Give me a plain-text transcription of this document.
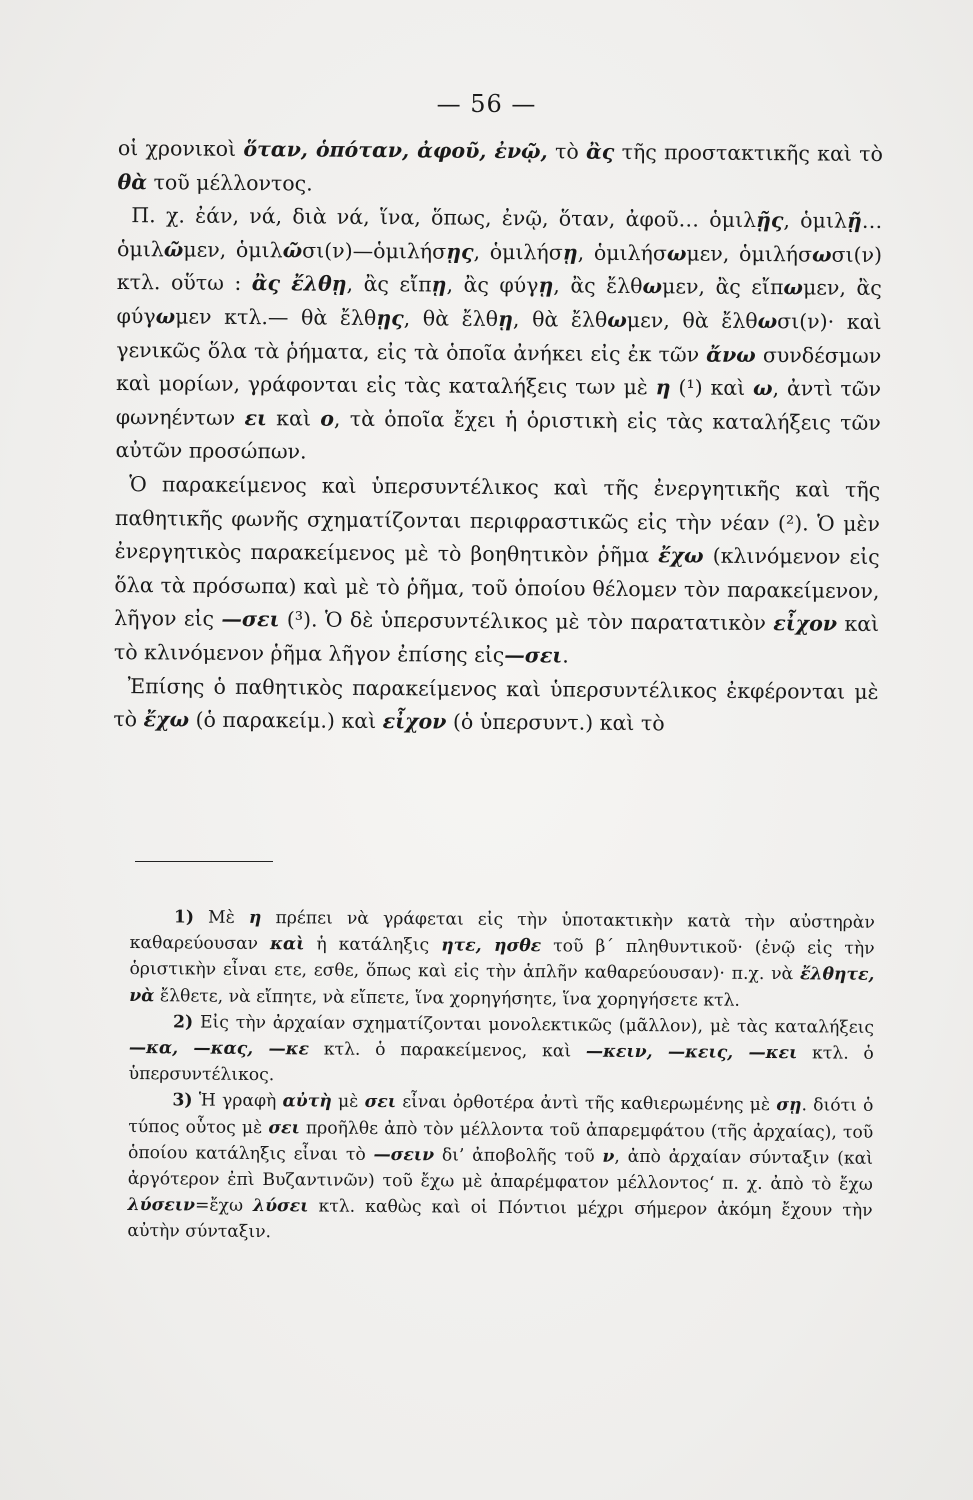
— 56 —

οἱ χρονικοὶ ὅταν, ὁπόταν, ἀφοῦ, ἐνῷ, τὸ ἂς τῆς προστακτικῆς καὶ τὸ θὰ τοῦ μέλλοντος.

Π. χ. ἐάν, νά, διὰ νά, ἵνα, ὅπως, ἐνῷ, ὅταν, ἀφοῦ… ὁμιλῇς, ὁμιλῇ… ὁμιλῶμεν, ὁμιλῶσι(ν)—ὁμιλήσῃς, ὁμιλήσῃ, ὁμιλήσωμεν, ὁμιλήσωσι(ν) κτλ. οὕτω : ἂς ἔλθῃ, ἂς εἴπῃ, ἂς φύγῃ, ἂς ἔλθωμεν, ἂς εἴπωμεν, ἂς φύγωμεν κτλ.— θὰ ἔλθῃς, θὰ ἔλθῃ, θὰ ἔλθωμεν, θὰ ἔλθωσι(ν)· καὶ γενικῶς ὅλα τὰ ῥήματα, εἰς τὰ ὁποῖα ἀνήκει εἰς ἐκ τῶν ἄνω συνδέσμων καὶ μορίων, γράφονται εἰς τὰς καταλήξεις των μὲ η (¹) καὶ ω, ἀντὶ τῶν φωνηέντων ει καὶ ο, τὰ ὁποῖα ἔχει ἡ ὁριστικὴ εἰς τὰς καταλήξεις τῶν αὐτῶν προσώπων.

Ὁ παρακείμενος καὶ ὑπερσυντέλικος καὶ τῆς ἐνεργητικῆς καὶ τῆς παθητικῆς φωνῆς σχηματίζονται περιφραστικῶς εἰς τὴν νέαν (²). Ὁ μὲν ἐνεργητικὸς παρακείμενος μὲ τὸ βοηθητικὸν ῥῆμα ἔχω (κλινόμενον εἰς ὅλα τὰ πρόσωπα) καὶ μὲ τὸ ῥῆμα, τοῦ ὁποίου θέλομεν τὸν παρακείμενον, λῆγον εἰς —σει (³). Ὁ δὲ ὑπερσυντέλικος μὲ τὸν παρατατικὸν εἶχον καὶ τὸ κλινόμενον ῥῆμα λῆγον ἐπίσης εἰς—σει.

Ἐπίσης ὁ παθητικὸς παρακείμενος καὶ ὑπερσυντέλικος ἐκφέρονται μὲ τὸ ἔχω (ὁ παρακείμ.) καὶ εἶχον (ὁ ὑπερσυντ.) καὶ τὸ

1) Μὲ η πρέπει νὰ γράφεται εἰς τὴν ὑποτακτικὴν κατὰ τὴν αὐστηρὰν καθαρεύουσαν καὶ ἡ κατάληξις ητε, ησθε τοῦ β΄ πληθυντικοῦ· (ἐνῷ εἰς τὴν ὁριστικὴν εἶναι ετε, εσθε, ὅπως καὶ εἰς τὴν ἁπλῆν καθαρεύουσαν)· π.χ. νὰ ἔλθητε, νὰ ἔλθετε, νὰ εἴπητε, νὰ εἴπετε, ἵνα χορηγήσητε, ἵνα χορηγήσετε κτλ.

2) Εἰς τὴν ἀρχαίαν σχηματίζονται μονολεκτικῶς (μᾶλλον), μὲ τὰς καταλήξεις —κα, —κας, —κε κτλ. ὁ παρακείμενος, καὶ —κειν, —κεις, —κει κτλ. ὁ ὑπερσυντέλικος.

3) Ἡ γραφὴ αὐτὴ μὲ σει εἶναι ὀρθοτέρα ἀντὶ τῆς καθιερωμένης μὲ σῃ. διότι ὁ τύπος οὗτος μὲ σει προῆλθε ἀπὸ τὸν μέλλοντα τοῦ ἀπαρεμφάτου (τῆς ἀρχαίας), τοῦ ὁποίου κατάληξις εἶναι τὸ —σειν δι’ ἀποβολῆς τοῦ ν, ἀπὸ ἀρχαίαν σύνταξιν (καὶ ἀργότερον ἐπὶ Βυζαντινῶν) τοῦ ἔχω μὲ ἀπαρέμφατον μέλλοντος‘ π. χ. ἀπὸ τὸ ἔχω λύσειν=ἔχω λύσει κτλ. καθὼς καὶ οἱ Πόντιοι μέχρι σήμερον ἀκόμη ἔχουν τὴν αὐτὴν σύνταξιν.
